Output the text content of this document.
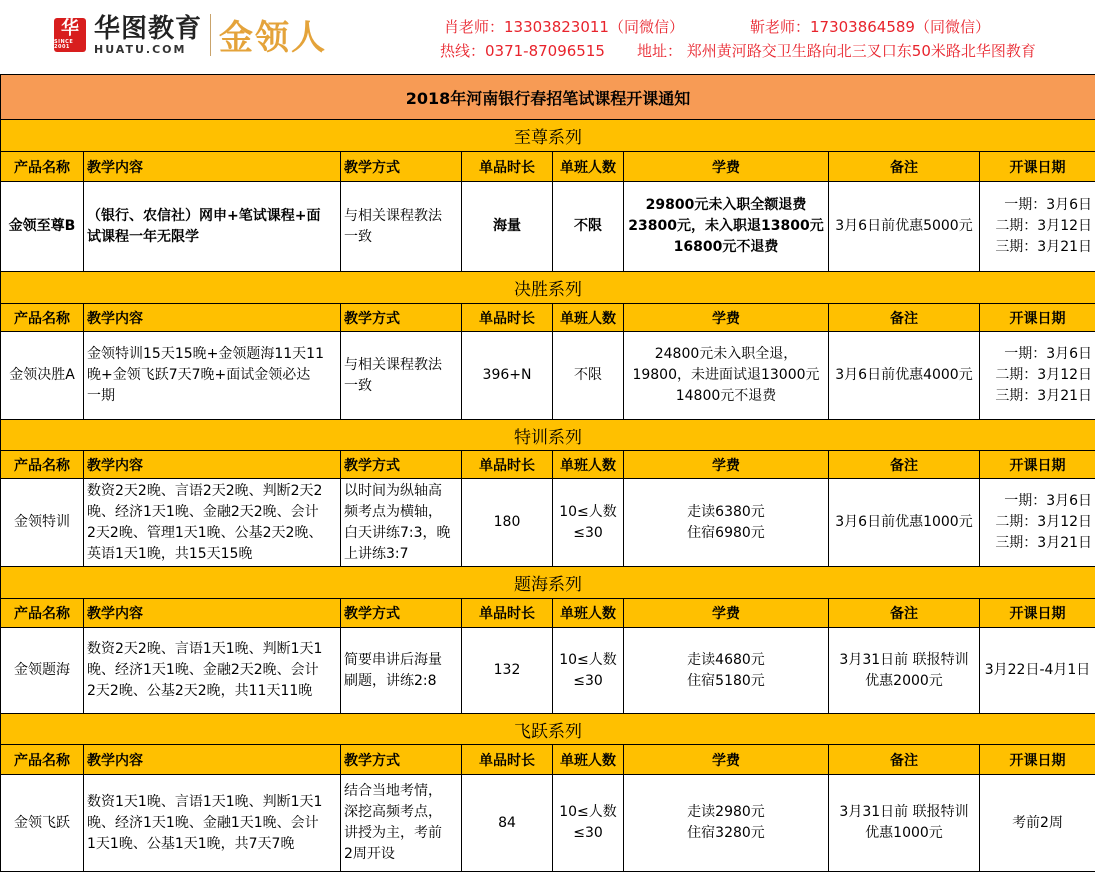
华
SINCE 2001
华图教育
HUATU.COM 金领人	肖老师：13303823011（同微信）	靳老师：17303864589（同微信）
热线：0371-87096515 地址： 郑州黄河路交卫生路向北三叉口东50米路北华图教育
2018年河南银行春招笔试课程开课通知							
至尊系列							
产品名称	教学内容	教学方式	单品时长	单班人数	学费	备注	开课日期
金领至尊B	（银行、农信社）网申+笔试课程+面
试课程一年无限学	与相关课程教法
一致	海量	不限	29800元未入职全额退费
23800元，未入职退13800元
16800元不退费	3月6日前优惠5000元	一期：3月6日
二期：3月12日
三期：3月21日
决胜系列							
产品名称	教学内容	教学方式	单品时长	单班人数	学费	备注	开课日期
金领决胜A	金领特训15天15晚+金领题海11天11
晚+金领飞跃7天7晚+面试金领必达
一期	与相关课程教法
一致	396+N	不限	24800元未入职全退，
19800，未进面试退13000元
14800元不退费	3月6日前优惠4000元	一期：3月6日
二期：3月12日
三期：3月21日
特训系列							
产品名称	教学内容	教学方式	单品时长	单班人数	学费	备注	开课日期
金领特训	数资2天2晚、言语2天2晚、判断2天2
晚、经济1天1晚、金融2天2晚、会计
2天2晚、管理1天1晚、公基2天2晚、
英语1天1晚，共15天15晚	以时间为纵轴高
频考点为横轴，
白天讲练7:3，晚
上讲练3:7	180	10≤人数
≤30	走读6380元
住宿6980元	3月6日前优惠1000元	一期：3月6日
二期：3月12日
三期：3月21日
题海系列							
产品名称	教学内容	教学方式	单品时长	单班人数	学费	备注	开课日期
金领题海	数资2天2晚、言语1天1晚、判断1天1
晚、经济1天1晚、金融2天2晚、会计
2天2晚、公基2天2晚，共11天11晚	简要串讲后海量
刷题，讲练2:8	132	10≤人数
≤30	走读4680元
住宿5180元	3月31日前 联报特训
优惠2000元	3月22日-4月1日
飞跃系列							
产品名称	教学内容	教学方式	单品时长	单班人数	学费	备注	开课日期
金领飞跃	数资1天1晚、言语1天1晚、判断1天1
晚、经济1天1晚、金融1天1晚、会计
1天1晚、公基1天1晚，共7天7晚	结合当地考情，
深挖高频考点，
讲授为主，考前
2周开设	84	10≤人数
≤30	走读2980元
住宿3280元	3月31日前 联报特训
优惠1000元	考前2周
